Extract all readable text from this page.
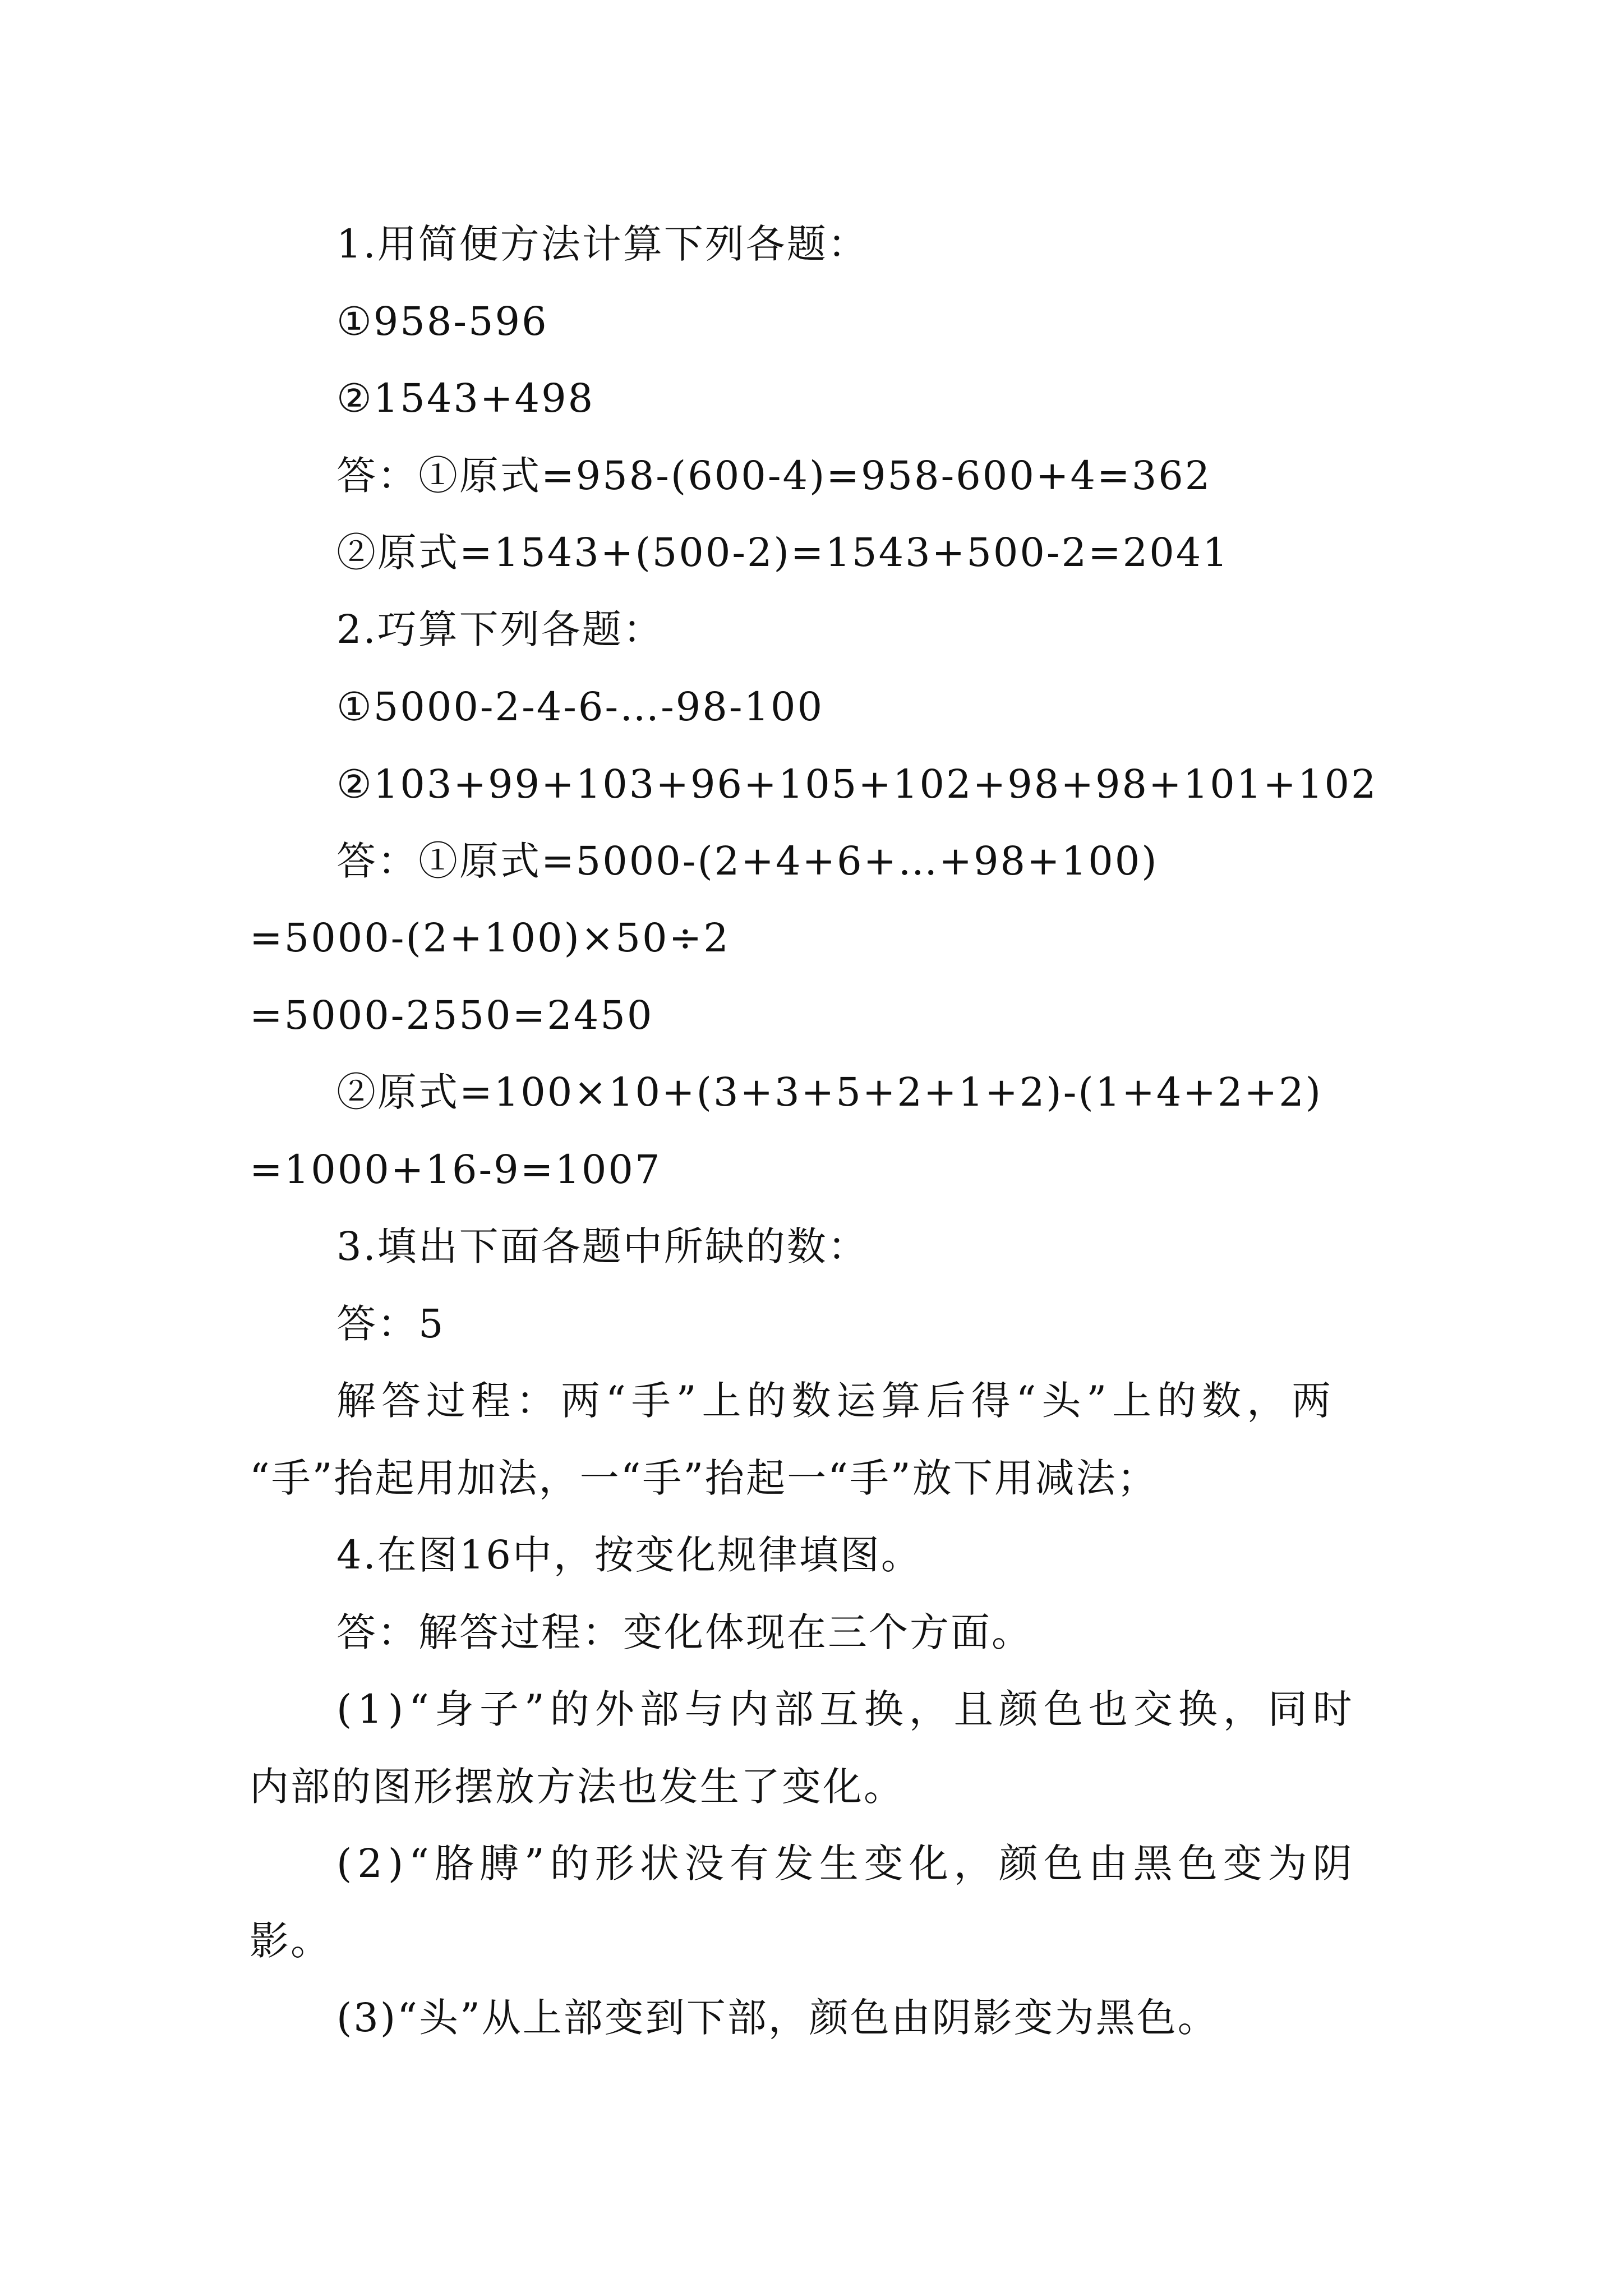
1.用简便方法计算下列各题：
①958-596
②1543+498
答：①原式=958-(600-4)=958-600+4=362
②原式=1543+(500-2)=1543+500-2=2041
2.巧算下列各题：
①5000-2-4-6-…-98-100
②103+99+103+96+105+102+98+98+101+102
答：①原式=5000-(2+4+6+…+98+100)
=5000-(2+100)×50÷2
=5000-2550=2450
②原式=100×10+(3+3+5+2+1+2)-(1+4+2+2)
=1000+16-9=1007
3.填出下面各题中所缺的数：
答：5
解答过程：两“手”上的数运算后得“头”上的数，两
“手”抬起用加法，一“手”抬起一“手”放下用减法；
4.在图16中，按变化规律填图。
答：解答过程：变化体现在三个方面。
(1)“身子”的外部与内部互换，且颜色也交换，同时
内部的图形摆放方法也发生了变化。
(2)“胳膊”的形状没有发生变化，颜色由黑色变为阴
影。
(3)“头”从上部变到下部，颜色由阴影变为黑色。
